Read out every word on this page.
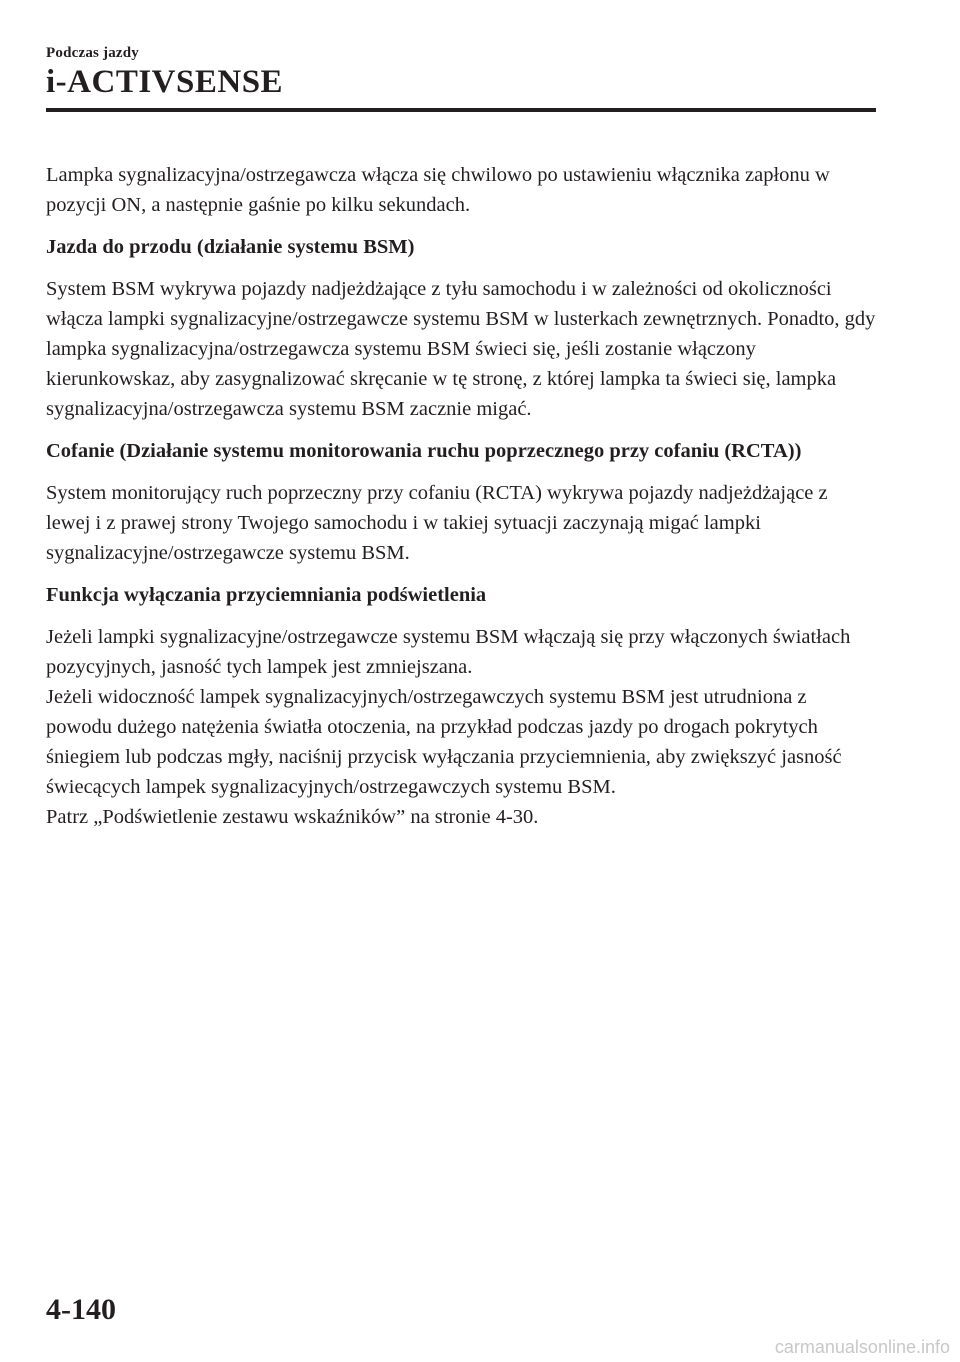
Podczas jazdy
i-ACTIVSENSE

Lampka sygnalizacyjna/ostrzegawcza włącza się chwilowo po ustawieniu włącznika zapłonu w pozycji ON, a następnie gaśnie po kilku sekundach.

Jazda do przodu (działanie systemu BSM)

System BSM wykrywa pojazdy nadjeżdżające z tyłu samochodu i w zależności od okoliczności włącza lampki sygnalizacyjne/ostrzegawcze systemu BSM w lusterkach zewnętrznych. Ponadto, gdy lampka sygnalizacyjna/ostrzegawcza systemu BSM świeci się, jeśli zostanie włączony kierunkowskaz, aby zasygnalizować skręcanie w tę stronę, z której lampka ta świeci się, lampka sygnalizacyjna/ostrzegawcza systemu BSM zacznie migać.

Cofanie (Działanie systemu monitorowania ruchu poprzecznego przy cofaniu (RCTA))

System monitorujący ruch poprzeczny przy cofaniu (RCTA) wykrywa pojazdy nadjeżdżające z lewej i z prawej strony Twojego samochodu i w takiej sytuacji zaczynają migać lampki sygnalizacyjne/ostrzegawcze systemu BSM.

Funkcja wyłączania przyciemniania podświetlenia

Jeżeli lampki sygnalizacyjne/ostrzegawcze systemu BSM włączają się przy włączonych światłach pozycyjnych, jasność tych lampek jest zmniejszana.

Jeżeli widoczność lampek sygnalizacyjnych/ostrzegawczych systemu BSM jest utrudniona z powodu dużego natężenia światła otoczenia, na przykład podczas jazdy po drogach pokrytych śniegiem lub podczas mgły, naciśnij przycisk wyłączania przyciemnienia, aby zwiększyć jasność świecących lampek sygnalizacyjnych/ostrzegawczych systemu BSM.

Patrz „Podświetlenie zestawu wskaźników” na stronie 4-30.

4-140
carmanualsonline.info
